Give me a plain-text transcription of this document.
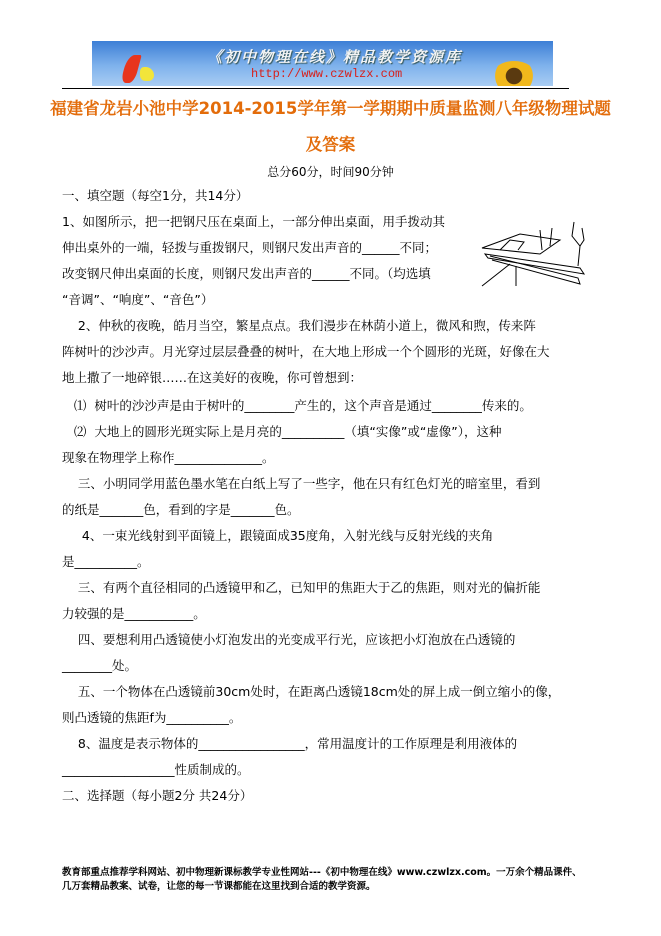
《初中物理在线》精品教学资源库
http://www.czwlzx.com
福建省龙岩小池中学2014-2015学年第一学期期中质量监测八年级物理试题
及答案
总分60分，时间90分钟
一、填空题（每空1分，共14分）
1、如图所示，把一把钢尺压在桌面上，一部分伸出桌面，用手拨动其
伸出桌外的一端，轻拨与重拨钢尺，则钢尺发出声音的______不同；
改变钢尺伸出桌面的长度，则钢尺发出声音的______不同。（均选填
“音调”、“响度”、“音色”）
2、仲秋的夜晚，皓月当空，繁星点点。我们漫步在林荫小道上，微风和煦，传来阵
阵树叶的沙沙声。月光穿过层层叠叠的树叶，在大地上形成一个个圆形的光斑，好像在大
地上撒了一地碎银……在这美好的夜晚，你可曾想到：
⑴  树叶的沙沙声是由于树叶的________产生的，这个声音是通过________传来的。
⑵  大地上的圆形光斑实际上是月亮的__________（填“实像”或“虚像”），这种
现象在物理学上称作______________。
三、小明同学用蓝色墨水笔在白纸上写了一些字，他在只有红色灯光的暗室里，看到
的纸是_______色，看到的字是_______色。
4、一束光线射到平面镜上，跟镜面成35度角，入射光线与反射光线的夹角
是__________。
三、有两个直径相同的凸透镜甲和乙，已知甲的焦距大于乙的焦距，则对光的偏折能
力较强的是___________。
四、要想利用凸透镜使小灯泡发出的光变成平行光，应该把小灯泡放在凸透镜的
________处。
五、一个物体在凸透镜前30cm处时，在距离凸透镜18cm处的屏上成一倒立缩小的像，
则凸透镜的焦距f为__________。
8、温度是表示物体的_________________，常用温度计的工作原理是利用液体的
__________________性质制成的。
二、选择题（每小题2分 共24分）
教育部重点推荐学科网站、初中物理新课标教学专业性网站---《初中物理在线》www.czwlzx.com。一万余个精品课件、
几万套精品教案、试卷，让您的每一节课都能在这里找到合适的教学资源。
